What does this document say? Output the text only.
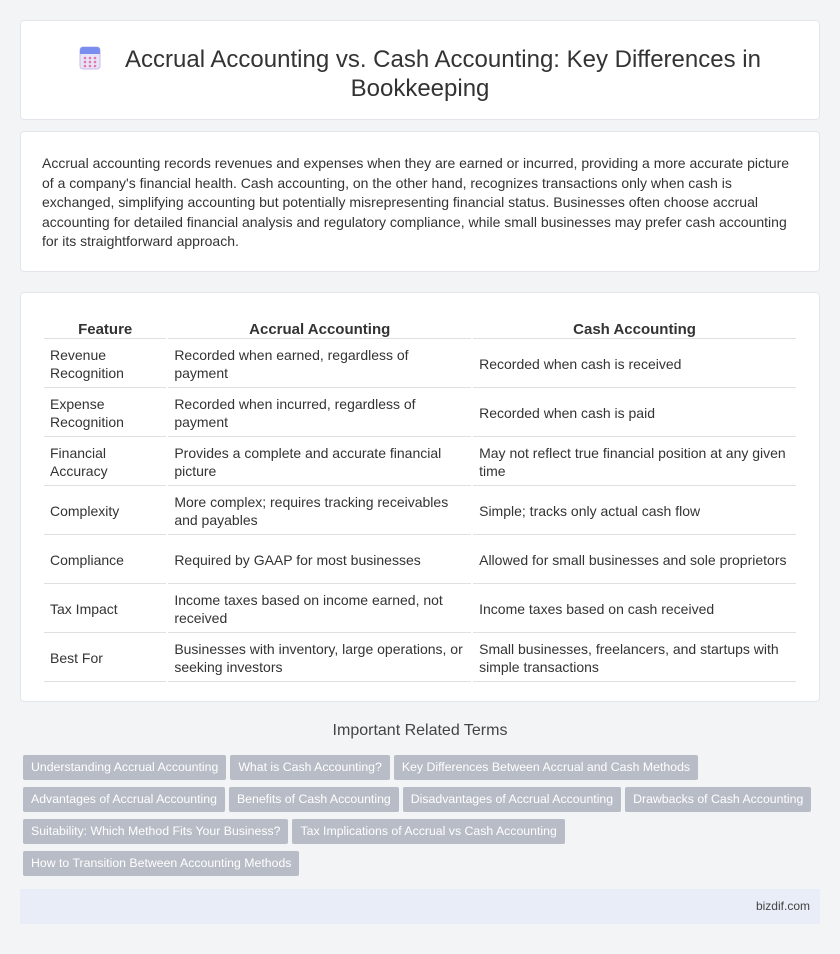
Accrual Accounting vs. Cash Accounting: Key Differences in Bookkeeping

Accrual accounting records revenues and expenses when they are earned or incurred, providing a more accurate picture of a company's financial health. Cash accounting, on the other hand, recognizes transactions only when cash is exchanged, simplifying accounting but potentially misrepresenting financial status. Businesses often choose accrual accounting for detailed financial analysis and regulatory compliance, while small businesses may prefer cash accounting for its straightforward approach.

Feature	Accrual Accounting	Cash Accounting
Revenue Recognition	Recorded when earned, regardless of payment	Recorded when cash is received
Expense Recognition	Recorded when incurred, regardless of payment	Recorded when cash is paid
Financial Accuracy	Provides a complete and accurate financial picture	May not reflect true financial position at any given time
Complexity	More complex; requires tracking receivables and payables	Simple; tracks only actual cash flow
Compliance	Required by GAAP for most businesses	Allowed for small businesses and sole proprietors
Tax Impact	Income taxes based on income earned, not received	Income taxes based on cash received
Best For	Businesses with inventory, large operations, or seeking investors	Small businesses, freelancers, and startups with simple transactions
Important Related Terms
Understanding Accrual Accounting What is Cash Accounting? Key Differences Between Accrual and Cash Methods
Advantages of Accrual Accounting Benefits of Cash Accounting Disadvantages of Accrual Accounting Drawbacks of Cash Accounting
Suitability: Which Method Fits Your Business? Tax Implications of Accrual vs Cash Accounting
How to Transition Between Accounting Methods
bizdif.com
